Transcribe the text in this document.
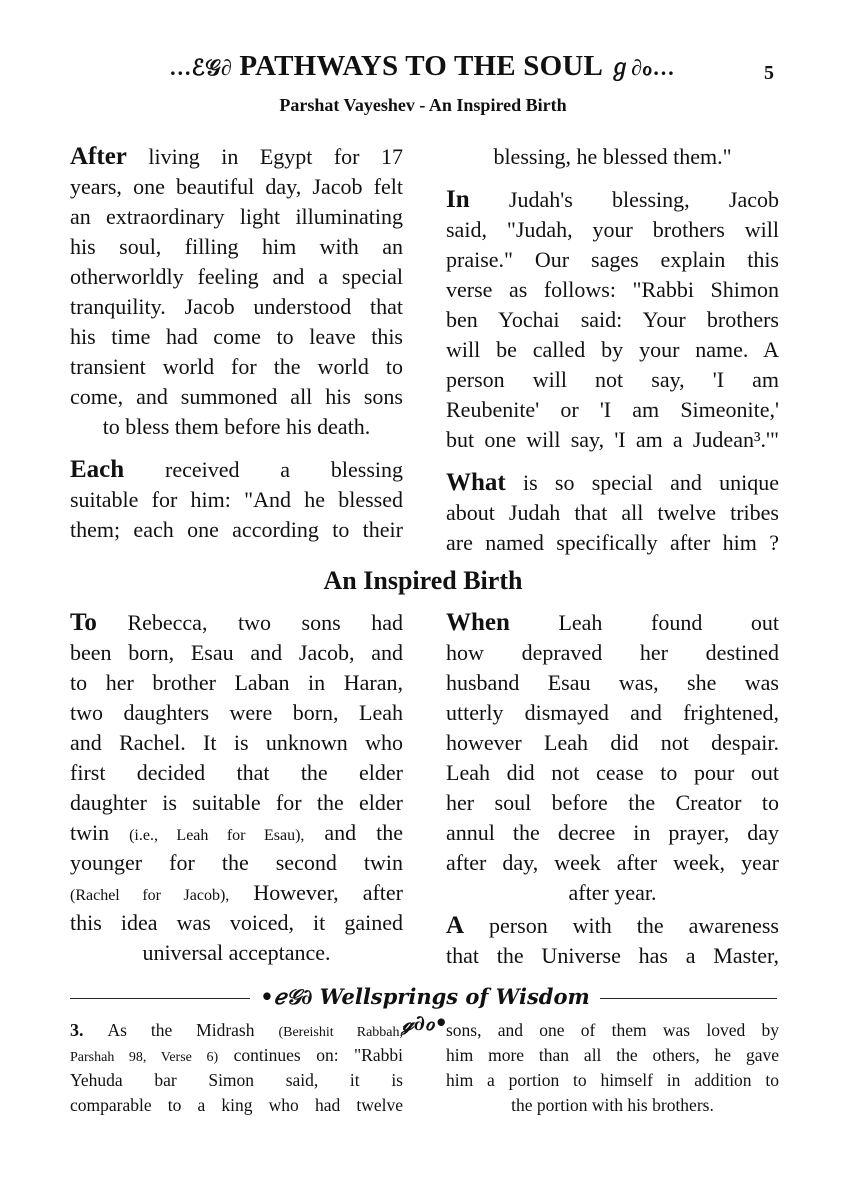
…ℰ𝒢∂ PATHWAYS TO THE SOUL ℊ∂ℴ…	5
Parshat Vayeshev - An Inspired Birth
After living in Egypt for 17
years, one beautiful day, Jacob felt
an extraordinary light illuminating
his soul, filling him with an
otherworldly feeling and a special
tranquility. Jacob understood that
his time had come to leave this
transient world for the world to
come, and summoned all his sons
to bless them before his death.
Each received a blessing
suitable for him: "And he blessed
them; each one according to their
blessing, he blessed them."
In Judah's blessing, Jacob
said, "Judah, your brothers will
praise." Our sages explain this
verse as follows: "Rabbi Shimon
ben Yochai said: Your brothers
will be called by your name. A
person will not say, 'I am
Reubenite' or 'I am Simeonite,'
but one will say, 'I am a Judean³.'"
What is so special and unique
about Judah that all twelve tribes
are named specifically after him ?
An Inspired Birth
To Rebecca, two sons had
been born, Esau and Jacob, and
to her brother Laban in Haran,
two daughters were born, Leah
and Rachel. It is unknown who
first decided that the elder
daughter is suitable for the elder
twin (i.e., Leah for Esau), and the
younger for the second twin
(Rachel for Jacob), However, after
this idea was voiced, it gained
universal acceptance.
When Leah found out
how depraved her destined
husband Esau was, she was
utterly dismayed and frightened,
however Leah did not despair.
Leah did not cease to pour out
her soul before the Creator to
annul the decree in prayer, day
after day, week after week, year
after year.
A person with the awareness
that the Universe has a Master,
•ℯ𝒢∂ Wellsprings of Wisdom ℊ∂ℴ•
3. As the Midrash (Bereishit Rabbah,
Parshah 98, Verse 6) continues on: "Rabbi
Yehuda bar Simon said, it is
comparable to a king who had twelve
sons, and one of them was loved by
him more than all the others, he gave
him a portion to himself in addition to
the portion with his brothers.
